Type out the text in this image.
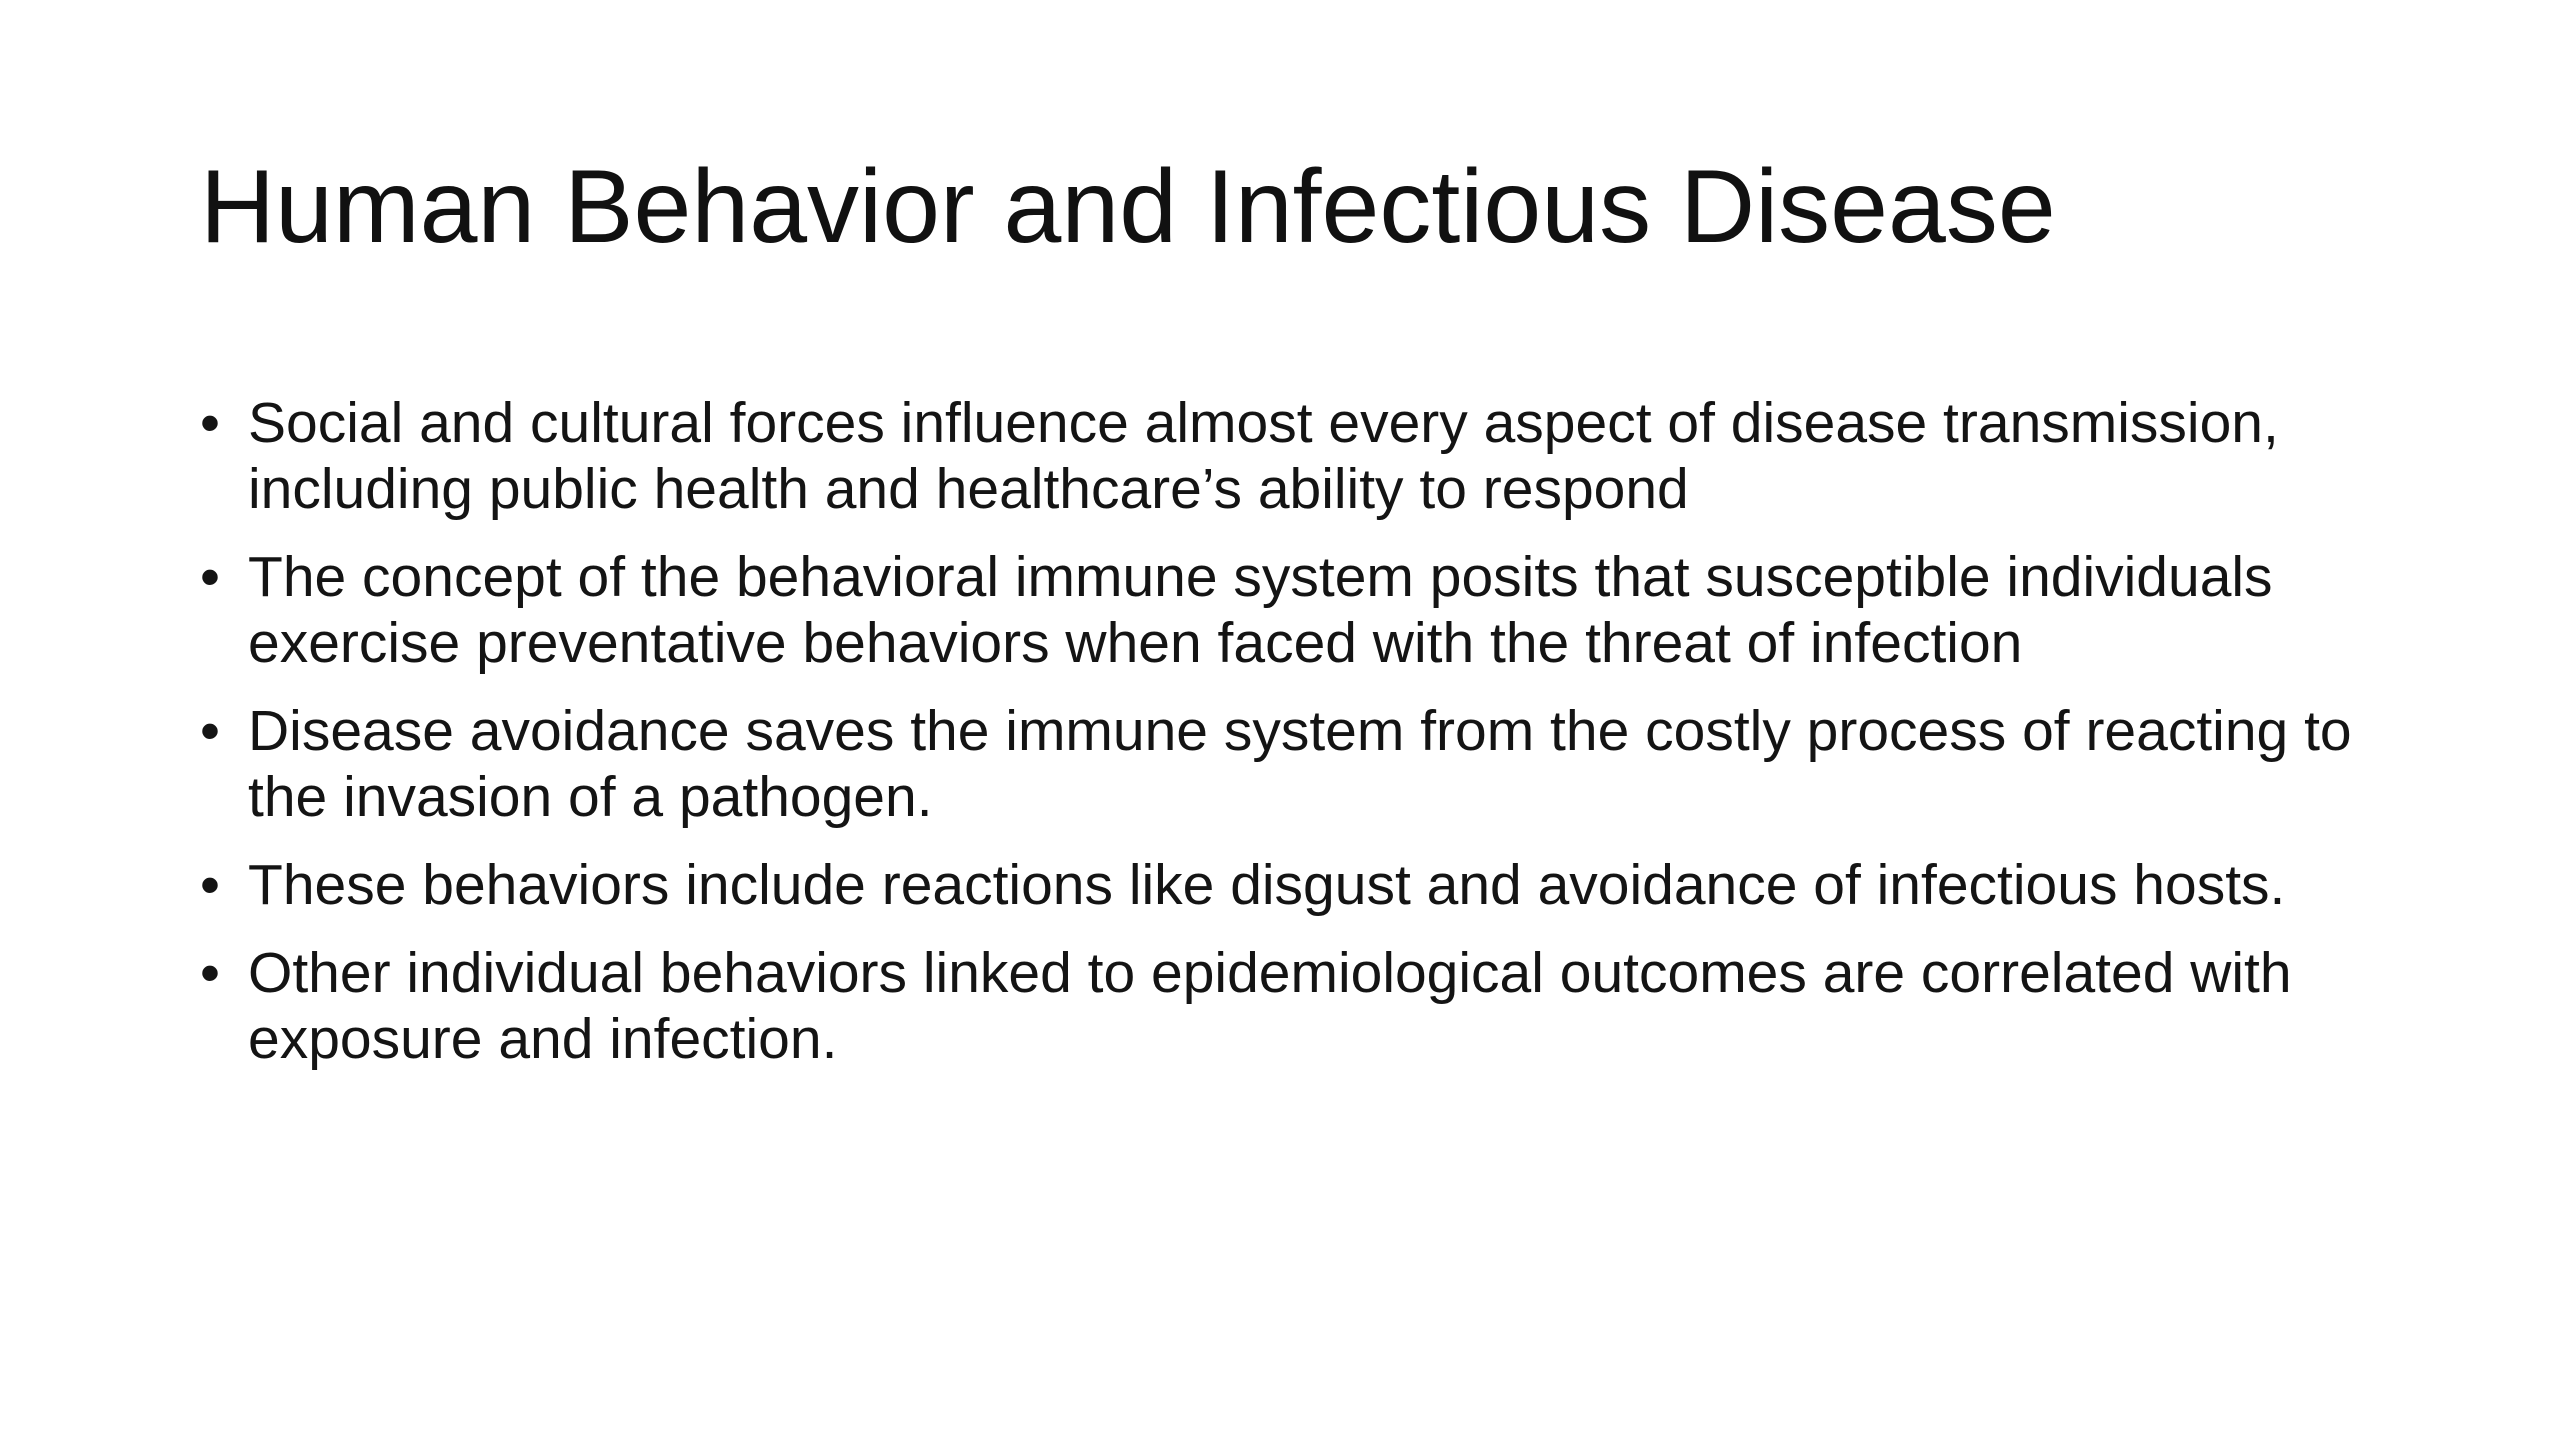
Human Behavior and Infectious Disease
• Social and cultural forces influence almost every aspect of disease transmission, including public health and healthcare’s ability to respond
• The concept of the behavioral immune system posits that susceptible individuals exercise preventative behaviors when faced with the threat of infection
• Disease avoidance saves the immune system from the costly process of reacting to the invasion of a pathogen.
• These behaviors include reactions like disgust and avoidance of infectious hosts.
• Other individual behaviors linked to epidemiological outcomes are correlated with exposure and infection.
